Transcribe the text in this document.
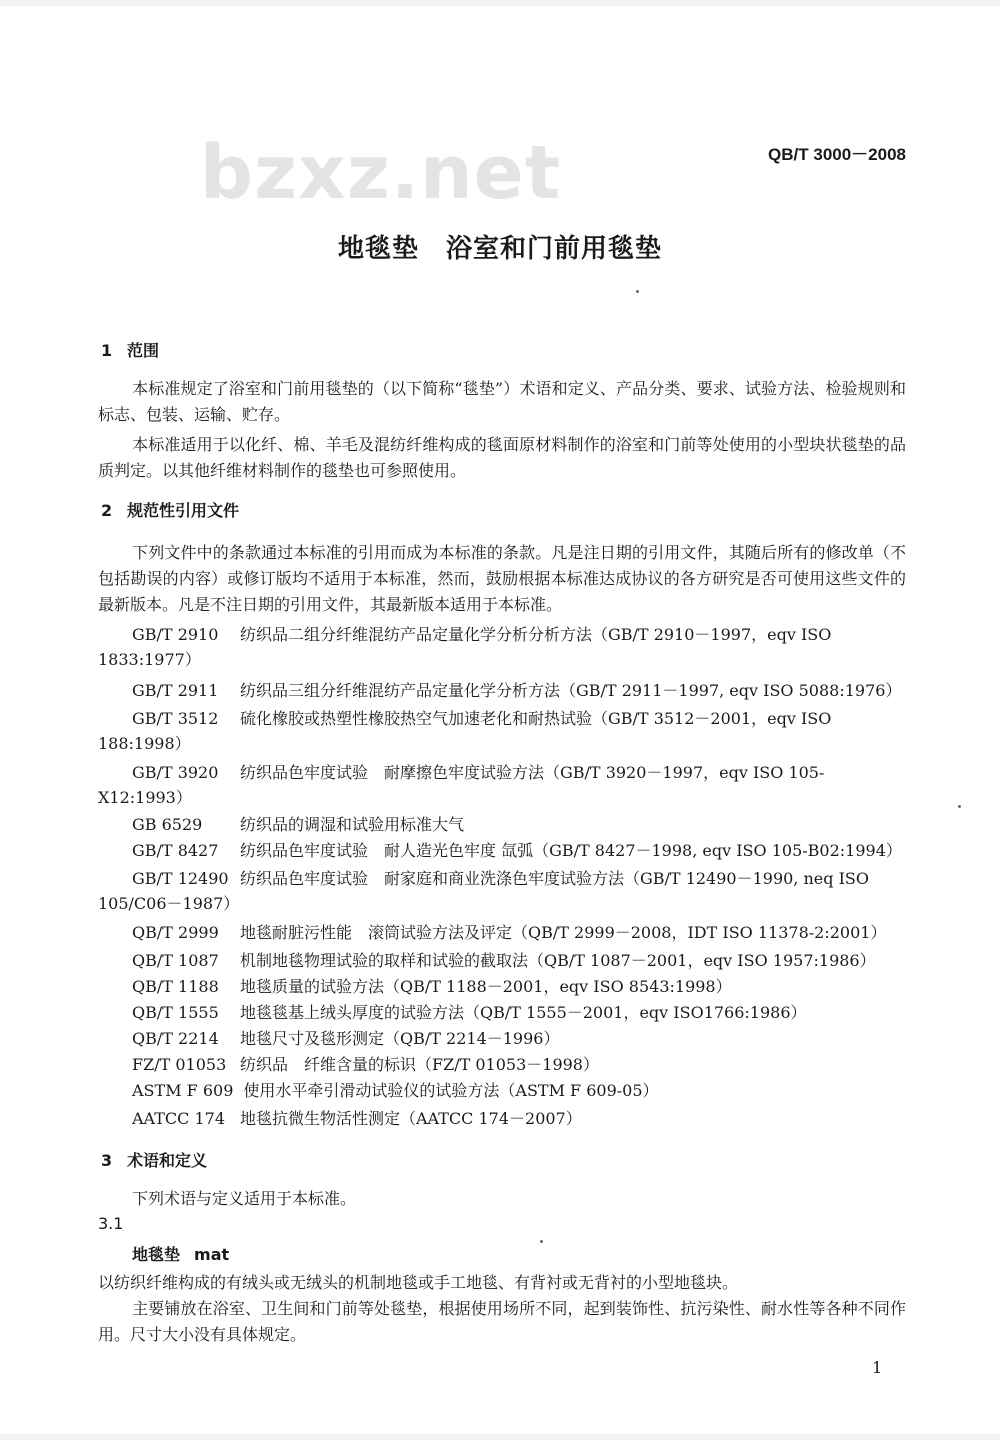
bzxz.net	QB/T 3000－2008
地毯垫　浴室和门前用毯垫
1 范围
本标准规定了浴室和门前用毯垫的（以下简称“毯垫”）术语和定义、产品分类、要求、试验方法、检验规则和标志、包装、运输、贮存。
本标准适用于以化纤、棉、羊毛及混纺纤维构成的毯面原材料制作的浴室和门前等处使用的小型块状毯垫的品质判定。以其他纤维材料制作的毯垫也可参照使用。
2 规范性引用文件
下列文件中的条款通过本标准的引用而成为本标准的条款。凡是注日期的引用文件，其随后所有的修改单（不包括勘误的内容）或修订版均不适用于本标准，然而，鼓励根据本标准达成协议的各方研究是否可使用这些文件的最新版本。凡是不注日期的引用文件，其最新版本适用于本标准。
GB/T 2910 纺织品二组分纤维混纺产品定量化学分析分析方法（GB/T 2910－1997，eqv ISO 1833:1977）
GB/T 2911 纺织品三组分纤维混纺产品定量化学分析方法（GB/T 2911－1997, eqv ISO 5088:1976）
GB/T 3512 硫化橡胶或热塑性橡胶热空气加速老化和耐热试验（GB/T 3512－2001，eqv ISO 188:1998）
GB/T 3920 纺织品色牢度试验　耐摩擦色牢度试验方法（GB/T 3920－1997，eqv ISO 105-X12:1993）
GB 6529 纺织品的调湿和试验用标准大气
GB/T 8427 纺织品色牢度试验　耐人造光色牢度 氙弧（GB/T 8427－1998, eqv ISO 105-B02:1994）
GB/T 12490 纺织品色牢度试验　耐家庭和商业洗涤色牢度试验方法（GB/T 12490－1990, neq ISO 105/C06－1987）
QB/T 2999 地毯耐脏污性能　滚筒试验方法及评定（QB/T 2999－2008，IDT ISO 11378-2:2001）
QB/T 1087 机制地毯物理试验的取样和试验的截取法（QB/T 1087－2001，eqv ISO 1957:1986）
QB/T 1188 地毯质量的试验方法（QB/T 1188－2001，eqv ISO 8543:1998）
QB/T 1555 地毯毯基上绒头厚度的试验方法（QB/T 1555－2001，eqv ISO1766:1986）
QB/T 2214 地毯尺寸及毯形测定（QB/T 2214－1996）
FZ/T 01053 纺织品　纤维含量的标识（FZ/T 01053－1998）
ASTM F 609 使用水平牵引滑动试验仪的试验方法（ASTM F 609-05）
AATCC 174 地毯抗微生物活性测定（AATCC 174－2007）
3 术语和定义
下列术语与定义适用于本标准。
3.1
地毯垫 mat
以纺织纤维构成的有绒头或无绒头的机制地毯或手工地毯、有背衬或无背衬的小型地毯块。
主要铺放在浴室、卫生间和门前等处毯垫，根据使用场所不同，起到装饰性、抗污染性、耐水性等各种不同作用。尺寸大小没有具体规定。
1
